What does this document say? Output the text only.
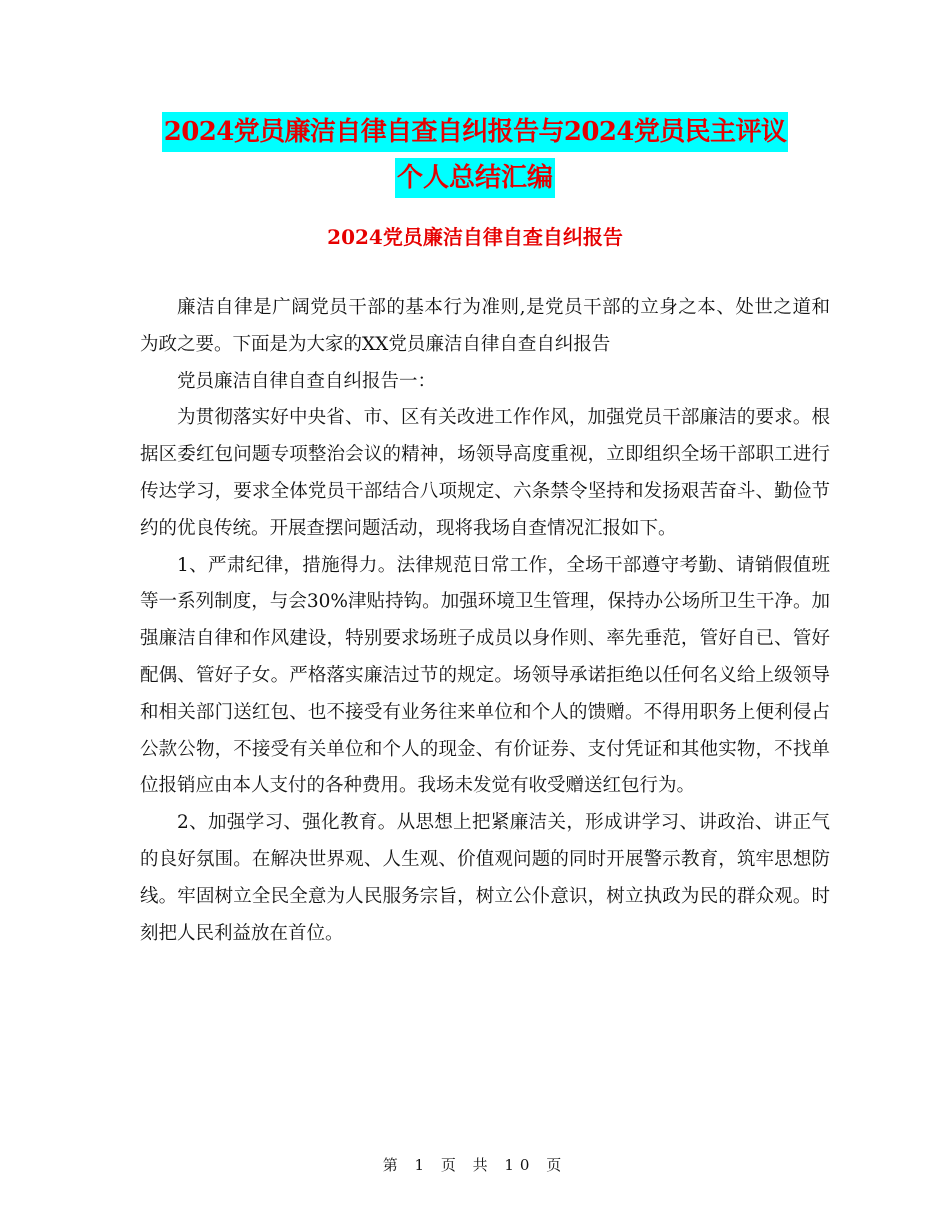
2024党员廉洁自律自查自纠报告与2024党员民主评议
个人总结汇编
2024党员廉洁自律自查自纠报告

廉洁自律是广阔党员干部的基本行为准则,是党员干部的立身之本、处世之道和为政之要。下面是为大家的XX党员廉洁自律自查自纠报告

党员廉洁自律自查自纠报告一：

为贯彻落实好中央省、市、区有关改进工作作风，加强党员干部廉洁的要求。根据区委红包问题专项整治会议的精神，场领导高度重视，立即组织全场干部职工进行传达学习，要求全体党员干部结合八项规定、六条禁令坚持和发扬艰苦奋斗、勤俭节约的优良传统。开展查摆问题活动，现将我场自查情况汇报如下。

1、严肃纪律，措施得力。法律规范日常工作，全场干部遵守考勤、请销假值班等一系列制度，与会30%津贴持钩。加强环境卫生管理，保持办公场所卫生干净。加强廉洁自律和作风建设，特别要求场班子成员以身作则、率先垂范，管好自已、管好配偶、管好子女。严格落实廉洁过节的规定。场领导承诺拒绝以任何名义给上级领导和相关部门送红包、也不接受有业务往来单位和个人的馈赠。不得用职务上便利侵占公款公物，不接受有关单位和个人的现金、有价证券、支付凭证和其他实物，不找单位报销应由本人支付的各种费用。我场未发觉有收受赠送红包行为。

2、加强学习、强化教育。从思想上把紧廉洁关，形成讲学习、讲政治、讲正气的良好氛围。在解决世界观、人生观、价值观问题的同时开展警示教育，筑牢思想防线。牢固树立全民全意为人民服务宗旨，树立公仆意识，树立执政为民的群众观。时刻把人民利益放在首位。

第 1 页 共 10 页
